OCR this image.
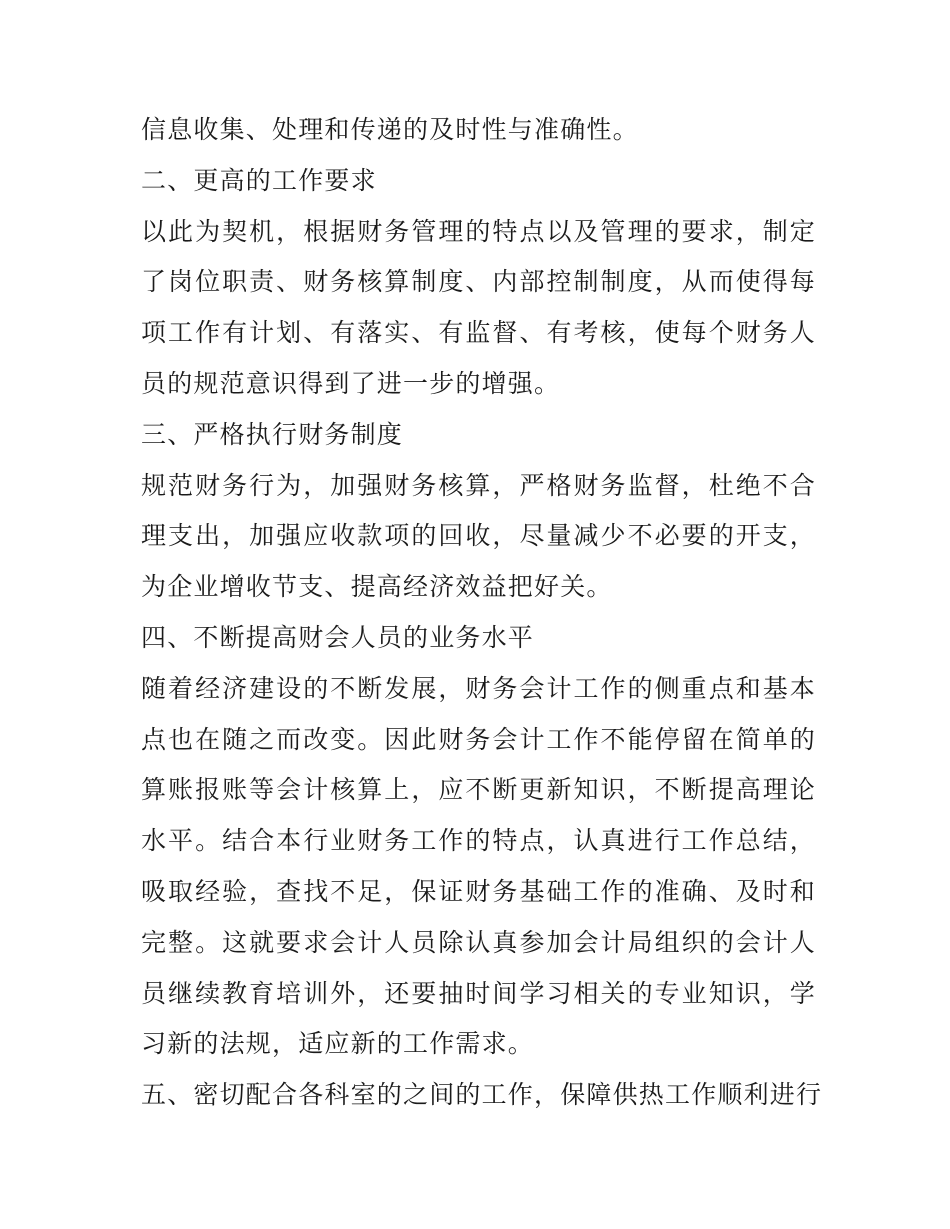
信息收集、处理和传递的及时性与准确性。

二、更高的工作要求

以此为契机，根据财务管理的特点以及管理的要求，制定了岗位职责、财务核算制度、内部控制制度，从而使得每项工作有计划、有落实、有监督、有考核，使每个财务人员的规范意识得到了进一步的增强。

三、严格执行财务制度

规范财务行为，加强财务核算，严格财务监督，杜绝不合理支出，加强应收款项的回收，尽量减少不必要的开支，为企业增收节支、提高经济效益把好关。

四、不断提高财会人员的业务水平

随着经济建设的不断发展，财务会计工作的侧重点和基本点也在随之而改变。因此财务会计工作不能停留在简单的算账报账等会计核算上，应不断更新知识，不断提高理论水平。结合本行业财务工作的特点，认真进行工作总结，吸取经验，查找不足，保证财务基础工作的准确、及时和完整。这就要求会计人员除认真参加会计局组织的会计人员继续教育培训外，还要抽时间学习相关的专业知识，学习新的法规，适应新的工作需求。

五、密切配合各科室的之间的工作，保障供热工作顺利进行
